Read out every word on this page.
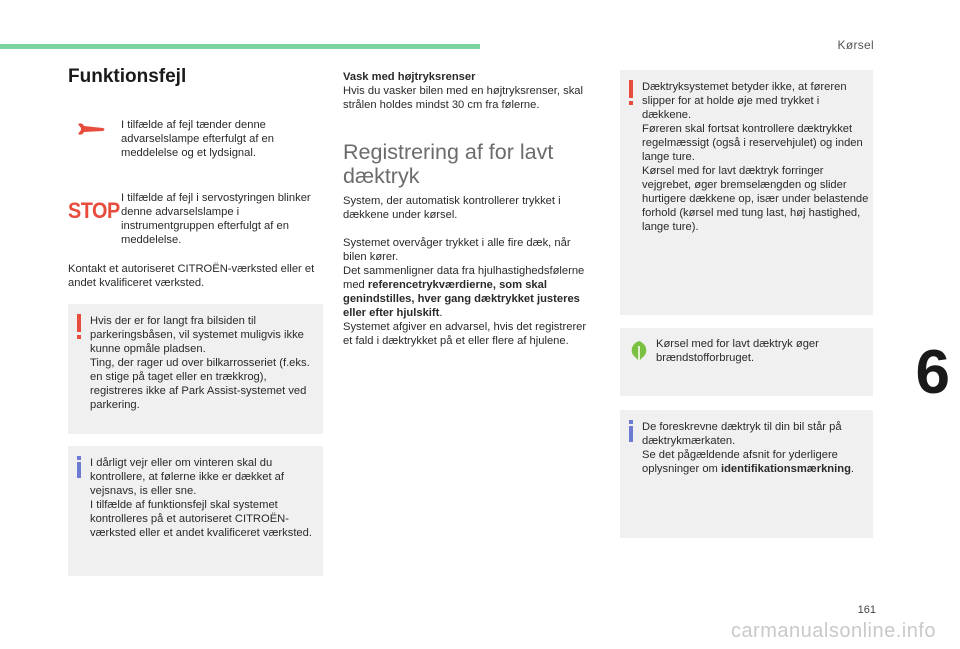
Kørsel
6
161
carmanualsonline.info
Funktionsfejl
I tilfælde af fejl tænder denne advarselslampe efterfulgt af en meddelelse og et lydsignal.
STOP I tilfælde af fejl i servostyringen blinker denne advarselslampe i instrumentgruppen efterfulgt af en meddelelse.
Kontakt et autoriseret CITROËN-værksted eller et andet kvalificeret værksted.
Hvis der er for langt fra bilsiden til parkeringsbåsen, vil systemet muligvis ikke kunne opmåle pladsen.
Ting, der rager ud over bilkarrosseriet (f.eks. en stige på taget eller en trækkrog), registreres ikke af Park Assist-systemet ved parkering.
I dårligt vejr eller om vinteren skal du kontrollere, at følerne ikke er dækket af vejsnavs, is eller sne.
I tilfælde af funktionsfejl skal systemet kontrolleres på et autoriseret CITROËN-værksted eller et andet kvalificeret værksted.
Vask med højtryksrenser
Hvis du vasker bilen med en højtryksrenser, skal strålen holdes mindst 30 cm fra følerne.
Registrering af for lavt dæktryk
System, der automatisk kontrollerer trykket i dækkene under kørsel.
Systemet overvåger trykket i alle fire dæk, når bilen kører.
Det sammenligner data fra hjulhastighedsfølerne med referencetrykværdierne, som skal genindstilles, hver gang dæktrykket justeres eller efter hjulskift.
Systemet afgiver en advarsel, hvis det registrerer et fald i dæktrykket på et eller flere af hjulene.
Dæktryksystemet betyder ikke, at føreren slipper for at holde øje med trykket i dækkene.
Føreren skal fortsat kontrollere dæktrykket regelmæssigt (også i reservehjulet) og inden lange ture.
Kørsel med for lavt dæktryk forringer vejgrebet, øger bremselængden og slider hurtigere dækkene op, især under belastende forhold (kørsel med tung last, høj hastighed, lange ture).
Kørsel med for lavt dæktryk øger brændstofforbruget.
De foreskrevne dæktryk til din bil står på dæktrykmærkaten.
Se det pågældende afsnit for yderligere oplysninger om identifikationsmærkning.
